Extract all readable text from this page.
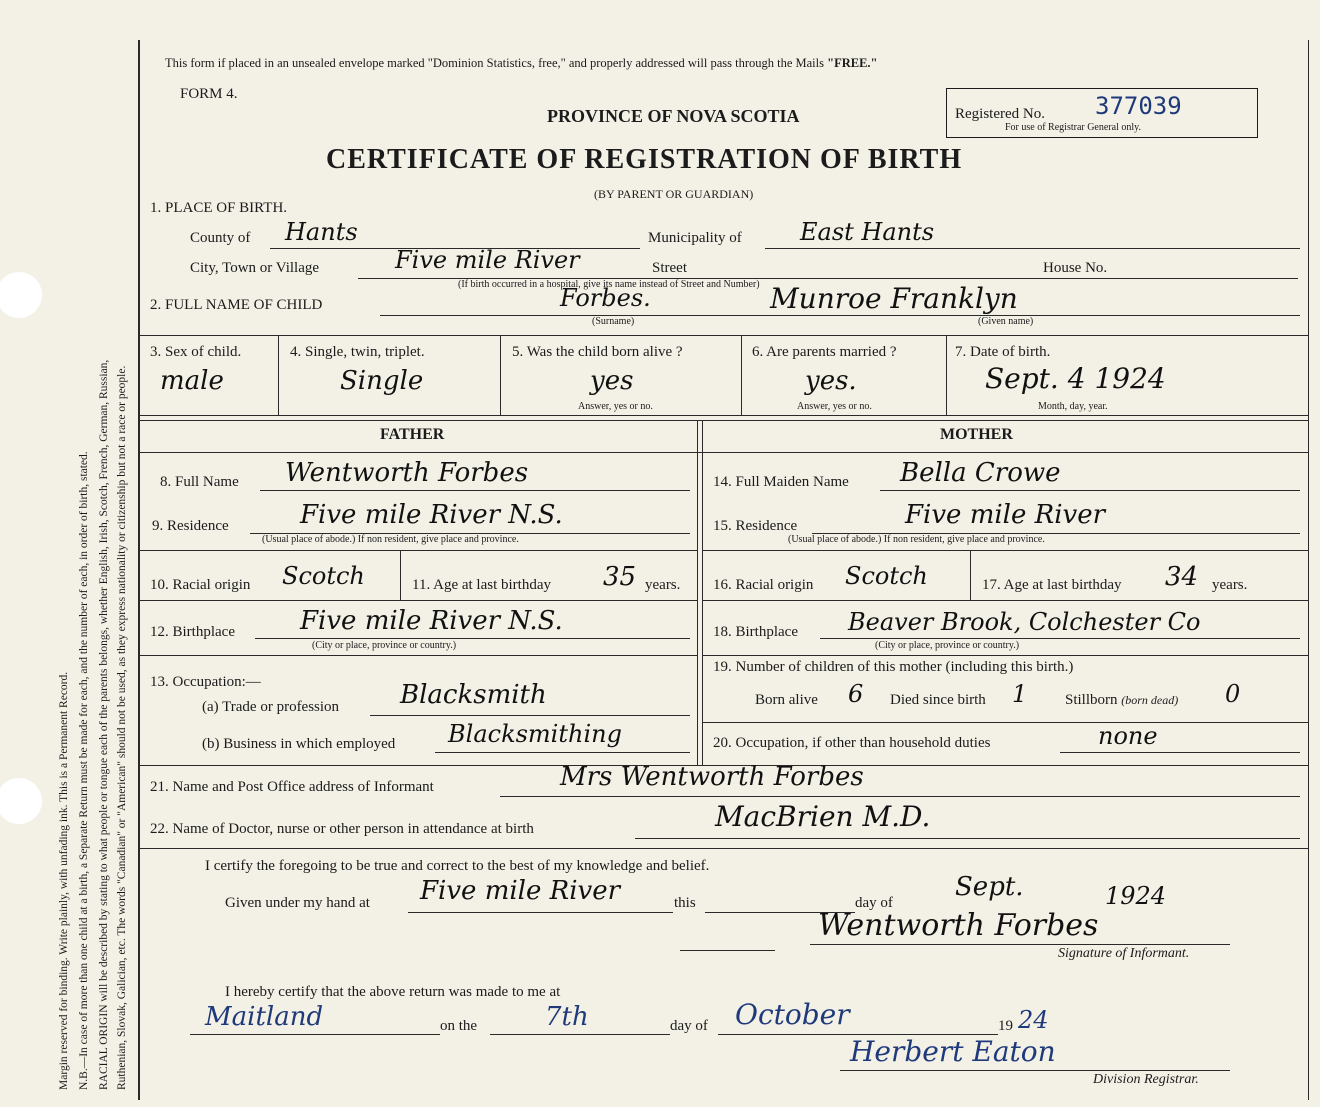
Margin reserved for binding. Write plainly, with unfading ink. This is a Permanent Record. N.B.—In case of more than one child at a birth, a Separate Return must be made for each, and the number of each, in order of birth, stated. RACIAL ORIGIN will be described by stating to what people or tongue each of the parents belongs, whether English, Irish, Scotch, French, German, Russian, Ruthenian, Slovak, Galician, etc. The words "Canadian" or "American" should not be used, as they express nationality or citizenship but not a race or people.
This form if placed in an unsealed envelope marked "Dominion Statistics, free," and properly addressed will pass through the Mails "FREE."
FORM 4.
PROVINCE OF NOVA SCOTIA	Registered No. 377039
For use of Registrar General only.
CERTIFICATE OF REGISTRATION OF BIRTH
(BY PARENT OR GUARDIAN)
1. PLACE OF BIRTH.
County of Hants	Municipality of East Hants
City, Town or Village	Five mile River	Street
(If birth occurred in a hospital, give its name instead of Street and Number)
House No.
2. FULL NAME OF CHILD	Forbes.	Munroe Franklyn
(Surname)	(Given name)
3. Sex of child.
male
4. Single, twin, triplet.
Single
5. Was the child born alive ?
yes
Answer, yes or no.
6. Are parents married ?
yes.
Answer, yes or no.
7. Date of birth.
Sept. 4 1924
Month, day, year.
FATHER	MOTHER
8. Full Name Wentworth Forbes
9. Residence	Five mile River N.S.
(Usual place of abode.) If non resident, give place and province.
10. Racial origin Scotch	11. Age at last birthday 35 years.
12. Birthplace	Five mile River N.S.
(City or place, province or country.)
13. Occupation:—
(a) Trade or profession Blacksmith
(b) Business in which employed Blacksmithing
14. Full Maiden Name Bella Crowe
15. Residence	Five mile River
(Usual place of abode.) If non resident, give place and province.
16. Racial origin Scotch	17. Age at last birthday 34 years.
18. Birthplace Beaver Brook, Colchester Co
(City or place, province or country.)
19. Number of children of this mother (including this birth.)
Born alive 6 Died since birth 1	Stillborn (born dead) 0
20. Occupation, if other than household duties	none
21. Name and Post Office address of Informant	Mrs Wentworth Forbes
22. Name of Doctor, nurse or other person in attendance at birth	MacBrien M.D.
I certify the foregoing to be true and correct to the best of my knowledge and belief.
Given under my hand at Five mile River	this	day of
Sept.	1924
Wentworth Forbes
Signature of Informant.
I hereby certify that the above return was made to me at
Maitland	on the	7th	day of October	19 24
Herbert Eaton
Division Registrar.
